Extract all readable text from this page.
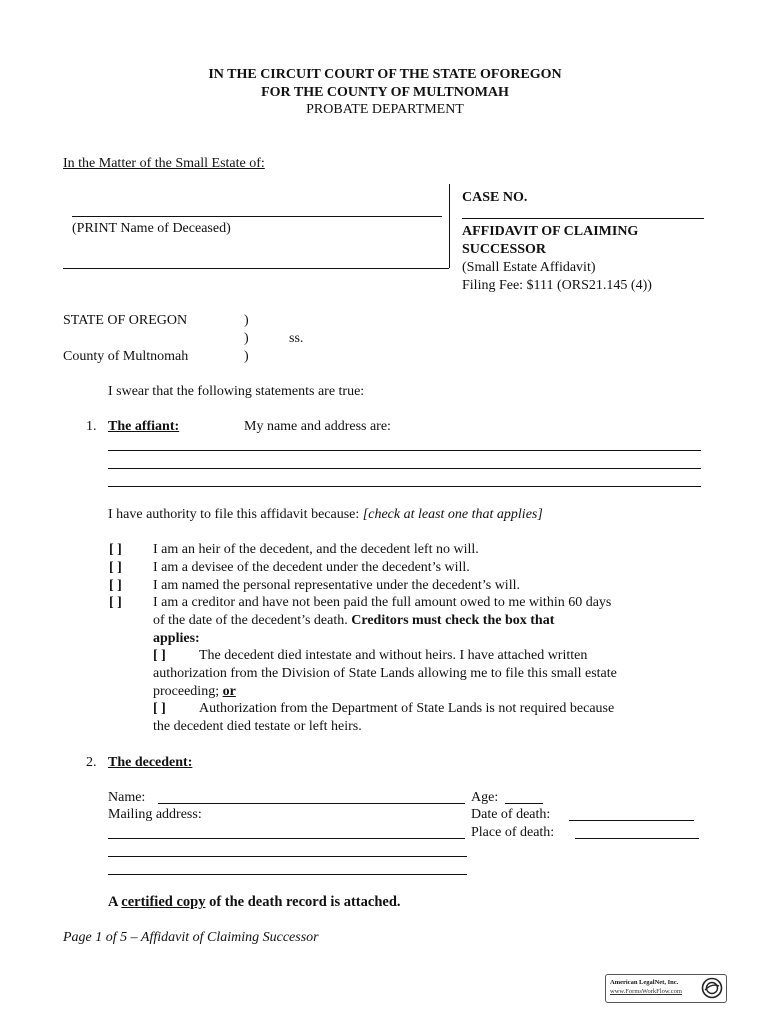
IN THE CIRCUIT COURT OF THE STATE OFOREGON
FOR THE COUNTY OF MULTNOMAH
PROBATE DEPARTMENT
In the Matter of the Small Estate of:
(PRINT Name of Deceased)
CASE NO.
AFFIDAVIT OF CLAIMING
SUCCESSOR
(Small Estate Affidavit)
Filing Fee: $111 (ORS21.145 (4))
STATE OF OREGON	)
)	ss.
County of Multnomah	)
I swear that the following statements are true:
1. The affiant:	My name and address are:
I have authority to file this affidavit because: [check at least one that applies]
[ ] I am an heir of the decedent, and the decedent left no will.
[ ] I am a devisee of the decedent under the decedent’s will.
[ ] I am named the personal representative under the decedent’s will.
[ ] I am a creditor and have not been paid the full amount owed to me within 60 days
of the date of the decedent’s death. Creditors must check the box that
applies:
[ ] The decedent died intestate and without heirs. I have attached written
authorization from the Division of State Lands allowing me to file this small estate
proceeding; or
[ ] Authorization from the Department of State Lands is not required because
the decedent died testate or left heirs.
2. The decedent:
Name:	Age:
Mailing address:	Date of death:
Place of death:
A certified copy of the death record is attached.
Page 1 of 5 – Affidavit of Claiming Successor
American LegalNet, Inc.
www.FormsWorkFlow.com
